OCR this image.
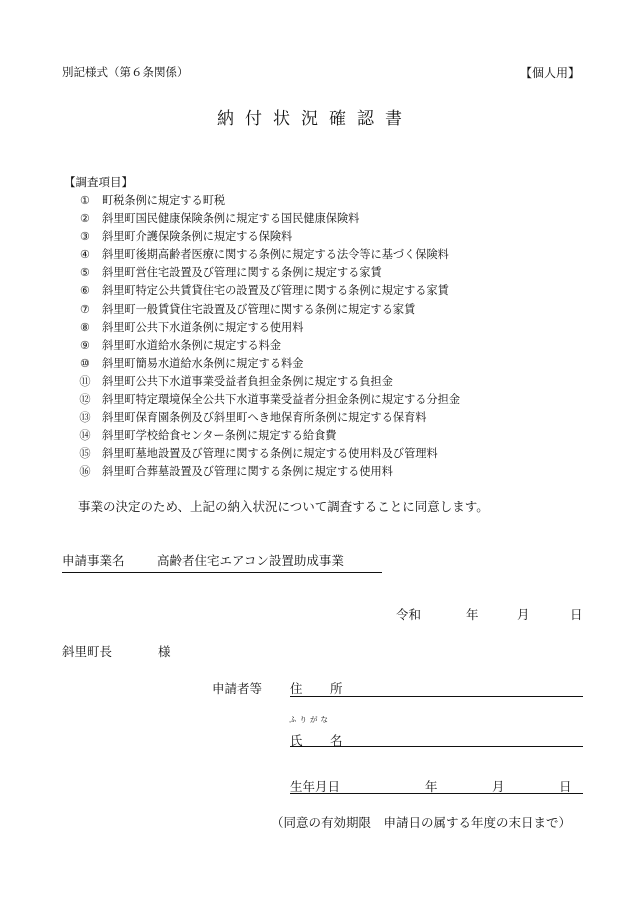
別記様式（第６条関係）	【個人用】
納付状況確認書
【調査項目】
① 町税条例に規定する町税
② 斜里町国民健康保険条例に規定する国民健康保険料
③ 斜里町介護保険条例に規定する保険料
④ 斜里町後期高齢者医療に関する条例に規定する法令等に基づく保険料
⑤ 斜里町営住宅設置及び管理に関する条例に規定する家賃
⑥ 斜里町特定公共賃貸住宅の設置及び管理に関する条例に規定する家賃
⑦ 斜里町一般賃貸住宅設置及び管理に関する条例に規定する家賃
⑧ 斜里町公共下水道条例に規定する使用料
⑨ 斜里町水道給水条例に規定する料金
⑩ 斜里町簡易水道給水条例に規定する料金
⑪ 斜里町公共下水道事業受益者負担金条例に規定する負担金
⑫ 斜里町特定環境保全公共下水道事業受益者分担金条例に規定する分担金
⑬ 斜里町保育園条例及び斜里町へき地保育所条例に規定する保育料
⑭ 斜里町学校給食センター条例に規定する給食費
⑮ 斜里町墓地設置及び管理に関する条例に規定する使用料及び管理料
⑯ 斜里町合葬墓設置及び管理に関する条例に規定する使用料
事業の決定のため、上記の納入状況について調査することに同意します。
申請事業名	高齢者住宅エアコン設置助成事業
令和	年	月	日
斜里町長	様
申請者等 住 所
ふりがな
氏 名
生年月日	年	月	日
（同意の有効期限　申請日の属する年度の末日まで）
